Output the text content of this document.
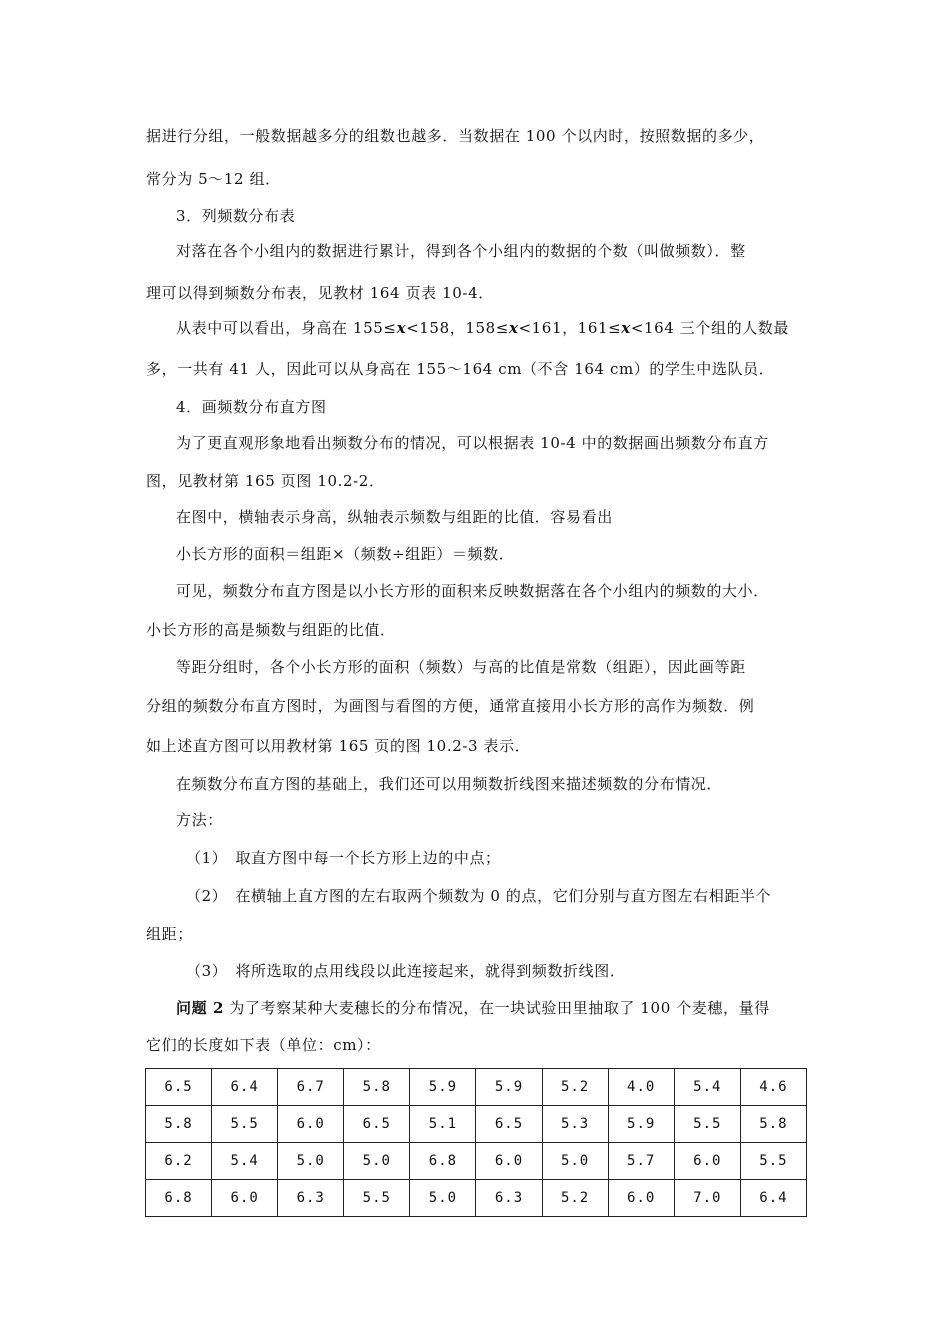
据进行分组，一般数据越多分的组数也越多．当数据在 100 个以内时，按照数据的多少，
常分为 5～12 组．
3．列频数分布表
对落在各个小组内的数据进行累计，得到各个小组内的数据的个数（叫做频数）．整
理可以得到频数分布表，见教材 164 页表 10-4．
从表中可以看出，身高在 155≤x<158，158≤x<161，161≤x<164 三个组的人数最
多，一共有 41 人，因此可以从身高在 155～164 cm（不含 164 cm）的学生中选队员．
4．画频数分布直方图
为了更直观形象地看出频数分布的情况，可以根据表 10-4 中的数据画出频数分布直方
图，见教材第 165 页图 10.2-2．
在图中，横轴表示身高，纵轴表示频数与组距的比值．容易看出
小长方形的面积＝组距×（频数÷组距）＝频数．
可见，频数分布直方图是以小长方形的面积来反映数据落在各个小组内的频数的大小．
小长方形的高是频数与组距的比值．
等距分组时，各个小长方形的面积（频数）与高的比值是常数（组距），因此画等距
分组的频数分布直方图时，为画图与看图的方便，通常直接用小长方形的高作为频数．例
如上述直方图可以用教材第 165 页的图 10.2-3 表示．
在频数分布直方图的基础上，我们还可以用频数折线图来描述频数的分布情况．
方法：
（1）　取直方图中每一个长方形上边的中点；
（2）　在横轴上直方图的左右取两个频数为 0 的点，它们分别与直方图左右相距半个
组距；
（3）　将所选取的点用线段以此连接起来，就得到频数折线图．
问题 2 为了考察某种大麦穗长的分布情况，在一块试验田里抽取了 100 个麦穗，量得
它们的长度如下表（单位：cm）：
6.5	6.4	6.7	5.8	5.9	5.9	5.2	4.0	5.4	4.6
5.8	5.5	6.0	6.5	5.1	6.5	5.3	5.9	5.5	5.8
6.2	5.4	5.0	5.0	6.8	6.0	5.0	5.7	6.0	5.5
6.8	6.0	6.3	5.5	5.0	6.3	5.2	6.0	7.0	6.4
